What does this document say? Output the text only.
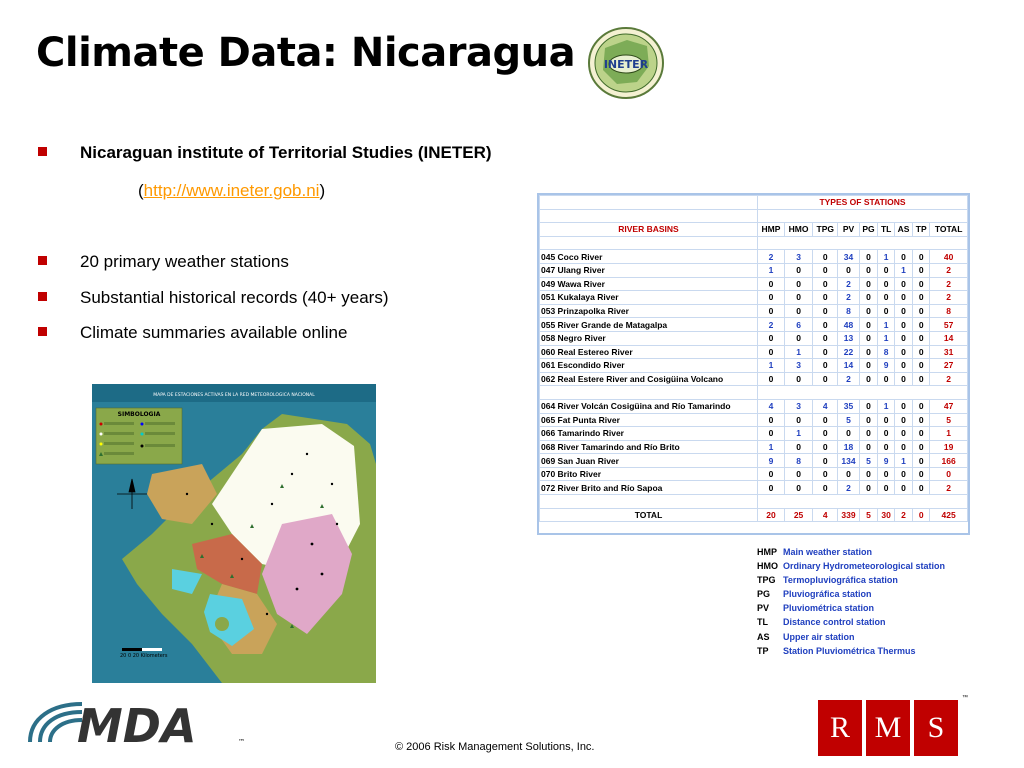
Climate Data: Nicaragua	INETER
Nicaraguan institute of Territorial Studies (INETER)
(http://www.ineter.gob.ni)
20 primary weather stations
Substantial historical records (40+ years)
Climate summaries available online
	TYPES OF STATIONS								

RIVER BASINS	HMP	HMO	TPG	PV	PG	TL	AS	TP	TOTAL

045 Coco River	2	3	0	34	0	1	0	0	40
047 Ulang River	1	0	0	0	0	0	1	0	2
049 Wawa River	0	0	0	2	0	0	0	0	2
051 Kukalaya River	0	0	0	2	0	0	0	0	2
053 Prinzapolka River	0	0	0	8	0	0	0	0	8
055 River Grande de Matagalpa	2	6	0	48	0	1	0	0	57
058 Negro River	0	0	0	13	0	1	0	0	14
060 Real Estereo River	0	1	0	22	0	8	0	0	31
061 Escondido River	1	3	0	14	0	9	0	0	27
062 Real Estere River and Cosigüina Volcano	0	0	0	2	0	0	0	0	2

064 River Volcán Cosigüina and Río Tamarindo	4	3	4	35	0	1	0	0	47
065 Fat Punta River	0	0	0	5	0	0	0	0	5
066 Tamarindo River	0	1	0	0	0	0	0	0	1
068 River Tamarindo and Río Brito	1	0	0	18	0	0	0	0	19
069 San Juan River	9	8	0	134	5	9	1	0	166
070 Brito River	0	0	0	0	0	0	0	0	0
072 River Brito and Río Sapoa	0	0	0	2	0	0	0	0	2

TOTAL	20	25	4	339	5	30	2	0	425
HMP Main weather station
HMO Ordinary Hydrometeorological station
TPG Termopluviográfica station
PG Pluviográfica station
PV Pluviométrica station
TL Distance control station
AS Upper air station
TP Station Pluviométrica Thermus
MAPA DE ESTACIONES ACTIVAS EN LA RED METEOROLOGICA NACIONAL
SIMBOLOGIA
20 0 20 Kilometers
MDA	™	© 2006 Risk Management Solutions, Inc.
R M S
™
